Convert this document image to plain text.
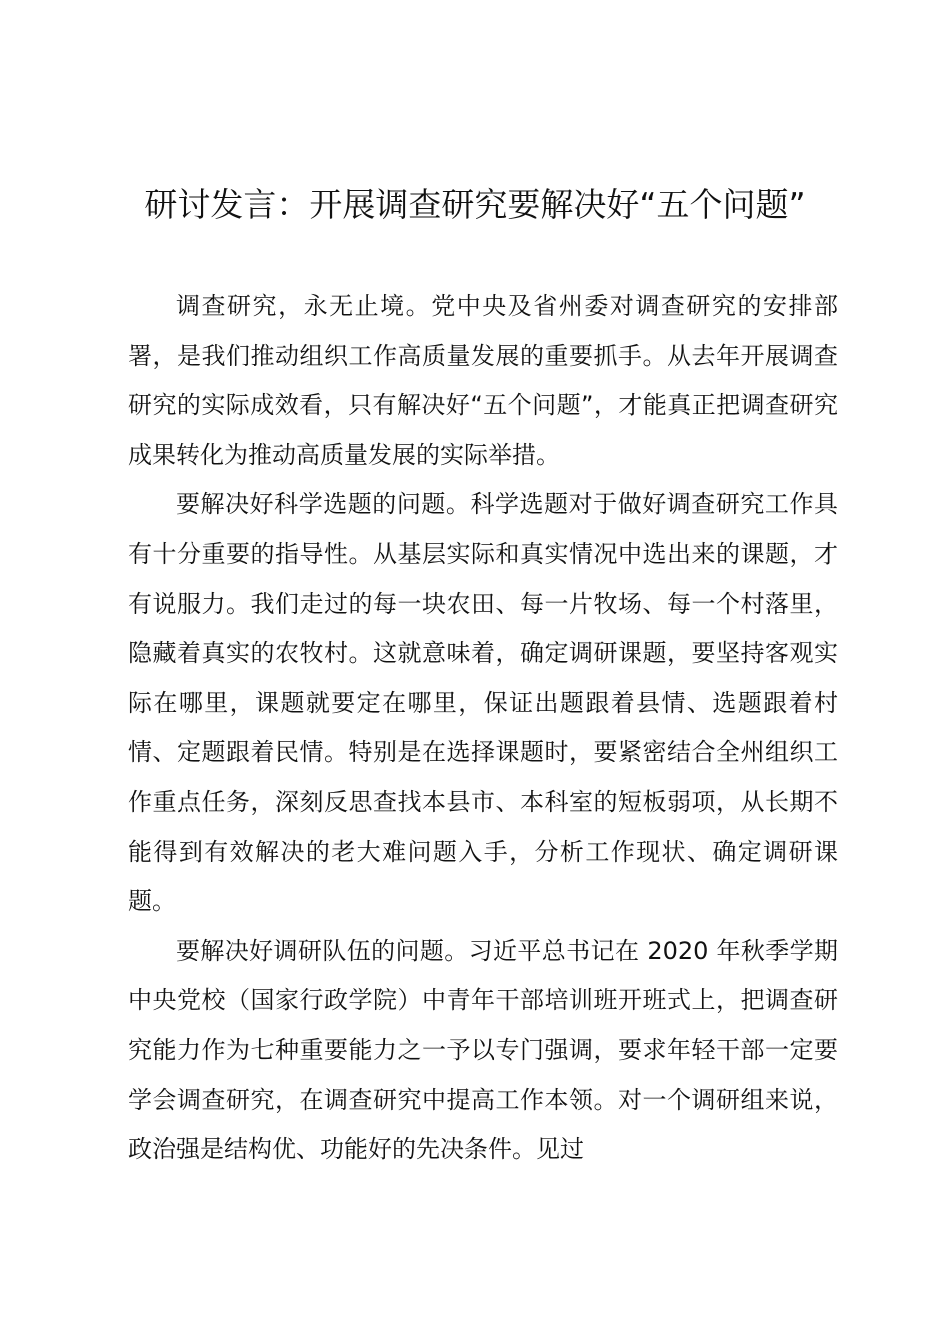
研讨发言：开展调查研究要解决好“五个问题”

调查研究，永无止境。党中央及省州委对调查研究的安排部署，是我们推动组织工作高质量发展的重要抓手。从去年开展调查研究的实际成效看，只有解决好“五个问题”，才能真正把调查研究成果转化为推动高质量发展的实际举措。

要解决好科学选题的问题。科学选题对于做好调查研究工作具有十分重要的指导性。从基层实际和真实情况中选出来的课题，才有说服力。我们走过的每一块农田、每一片牧场、每一个村落里，隐藏着真实的农牧村。这就意味着，确定调研课题，要坚持客观实际在哪里，课题就要定在哪里，保证出题跟着县情、选题跟着村情、定题跟着民情。特别是在选择课题时，要紧密结合全州组织工作重点任务，深刻反思查找本县市、本科室的短板弱项，从长期不能得到有效解决的老大难问题入手，分析工作现状、确定调研课题。

要解决好调研队伍的问题。习近平总书记在 2020 年秋季学期中央党校（国家行政学院）中青年干部培训班开班式上，把调查研究能力作为七种重要能力之一予以专门强调，要求年轻干部一定要学会调查研究，在调查研究中提高工作本领。对一个调研组来说，政治强是结构优、功能好的先决条件。见过
